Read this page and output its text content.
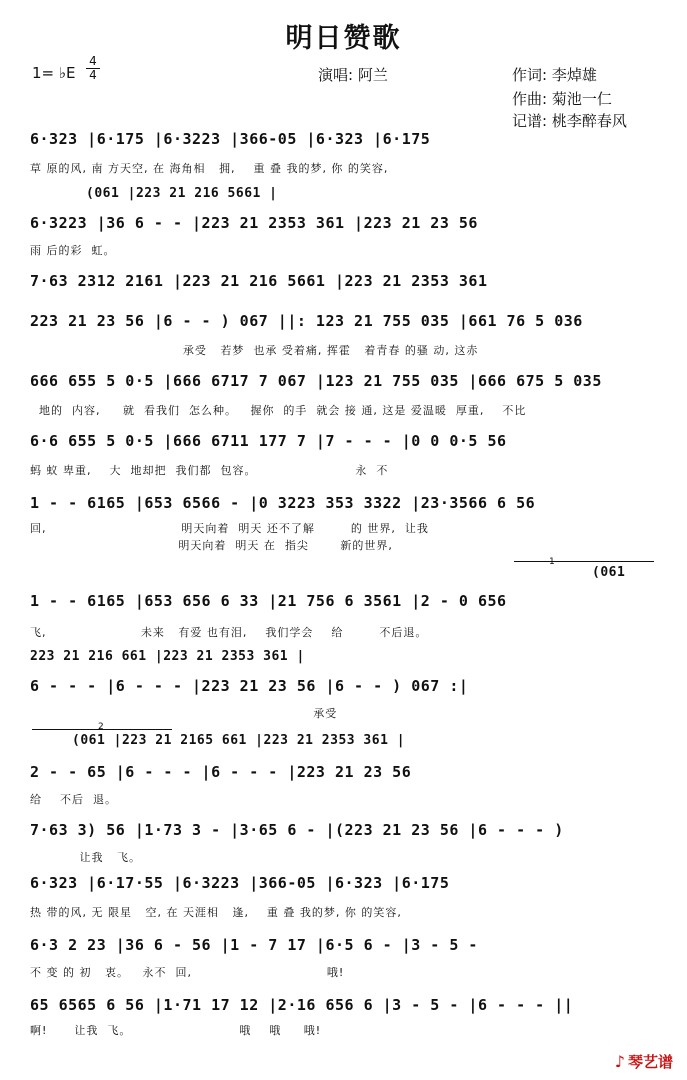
明日赞歌
1= ♭E
4
4	演唱: 阿兰	作词: 李焯雄
作曲: 菊池一仁
记谱: 桃李醉春风
6·323 |6·175 |6·3223 |366-05 |6·323 |6·175
草 原的风, 南 方天空, 在 海角相   拥,    重 叠 我的梦, 你 的笑容,
(061 |223 21 216 5661 |
6·3223 |36 6 - - |223 21 2353 361 |223 21 23 56
雨 后的彩  虹。
7·63 2312 2161 |223 21 216 5661 |223 21 2353 361
223 21 23 56 |6 - - ) 067 ||: 123 21 755 035 |661 76 5 036
承受   若梦  也承 受着痛, 挥霍   着青春 的骚 动, 这赤
666 655 5 0·5 |666 6717 7 067 |123 21 755 035 |666 675 5 035
地的  内容,     就  看我们  怎么种。   握你  的手  就会 接 通, 这是 爱温暖  厚重,    不比
6·6 655 5 0·5 |666 6711 177 7 |7 - - - |0 0 0·5 56
蚂 蚁 卑重,    大  地却把  我们都  包容。                      永  不
1 - - 6165 |653 6566 - |0 3223 353 3322 |23·3566 6 56
回,                              明天向着  明天 还不了解        的 世界,  让我
明天向着  明天 在  指尖       新的世界,
1
1 - - 6165 |653 656 6 33 |21 756 6 3561 |2 - 0 656
飞,                     未来   有爱 也有泪,    我们学会    给        不后退。
(061
223 21 216 661 |223 21 2353 361 |
6 - - - |6 - - - |223 21 23 56 |6 - - ) 067 :|
承受
2
(061 |223 21 2165 661 |223 21 2353 361 |
2 - - 65 |6 - - - |6 - - - |223 21 23 56
给    不后  退。
7·63 3) 56 |1·73 3 - |3·65 6 - |(223 21 23 56 |6 - - - )
让我   飞。
6·323 |6·17·55 |6·3223 |366-05 |6·323 |6·175
热 带的风, 无 限星   空, 在 天涯相   逢,    重 叠 我的梦, 你 的笑容,
6·3 2 23 |36 6 - 56 |1 - 7 17 |6·5 6 - |3 - 5 -
不 变 的 初   衷。   永不  回,                              哦!
65 6565 6 56 |1·71 17 12 |2·16 656 6 |3 - 5 - |6 - - - ||
啊!      让我  飞。                        哦    哦     哦!
♪ 琴艺谱
